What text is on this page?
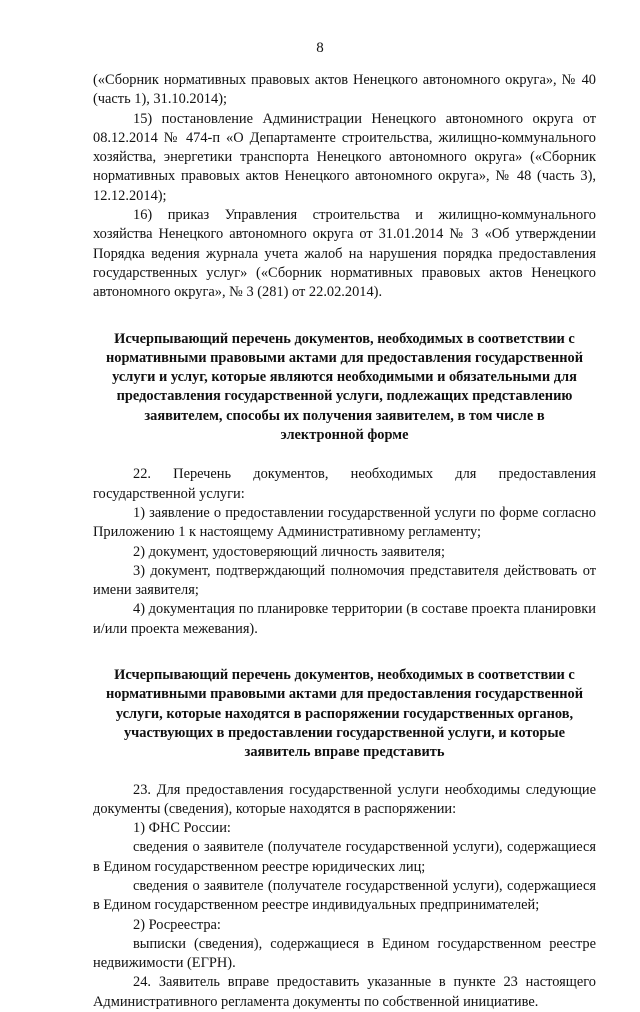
8

(«Сборник нормативных правовых актов Ненецкого автономного округа», № 40 (часть 1), 31.10.2014);

15) постановление Администрации Ненецкого автономного округа от 08.12.2014 № 474-п «О Департаменте строительства, жилищно-коммунального хозяйства, энергетики транспорта Ненецкого автономного округа» («Сборник нормативных правовых актов Ненецкого автономного округа», № 48 (часть 3), 12.12.2014);

16) приказ Управления строительства и жилищно-коммунального хозяйства Ненецкого автономного округа от 31.01.2014 № 3 «Об утверждении Порядка ведения журнала учета жалоб на нарушения порядка предоставления государственных услуг» («Сборник нормативных правовых актов Ненецкого автономного округа», № 3 (281) от 22.02.2014).

Исчерпывающий перечень документов, необходимых в соответствии с нормативными правовыми актами для предоставления государственной услуги и услуг, которые являются необходимыми и обязательными для предоставления государственной услуги, подлежащих представлению заявителем, способы их получения заявителем, в том числе в электронной форме

22. Перечень документов, необходимых для предоставления государственной услуги:

1) заявление о предоставлении государственной услуги по форме согласно Приложению 1 к настоящему Административному регламенту;

2) документ, удостоверяющий личность заявителя;

3) документ, подтверждающий полномочия представителя действовать от имени заявителя;

4) документация по планировке территории (в составе проекта планировки и/или проекта межевания).

Исчерпывающий перечень документов, необходимых в соответствии с нормативными правовыми актами для предоставления государственной услуги, которые находятся в распоряжении государственных органов, участвующих в предоставлении государственной услуги, и которые заявитель вправе представить

23. Для предоставления государственной услуги необходимы следующие документы (сведения), которые находятся в распоряжении:

1) ФНС России:

сведения о заявителе (получателе государственной услуги), содержащиеся в Едином государственном реестре юридических лиц;

сведения о заявителе (получателе государственной услуги), содержащиеся в Едином государственном реестре индивидуальных предпринимателей;

2) Росреестра:

выписки (сведения), содержащиеся в Едином государственном реестре недвижимости (ЕГРН).

24. Заявитель вправе предоставить указанные в пункте 23 настоящего Административного регламента документы по собственной инициативе.
